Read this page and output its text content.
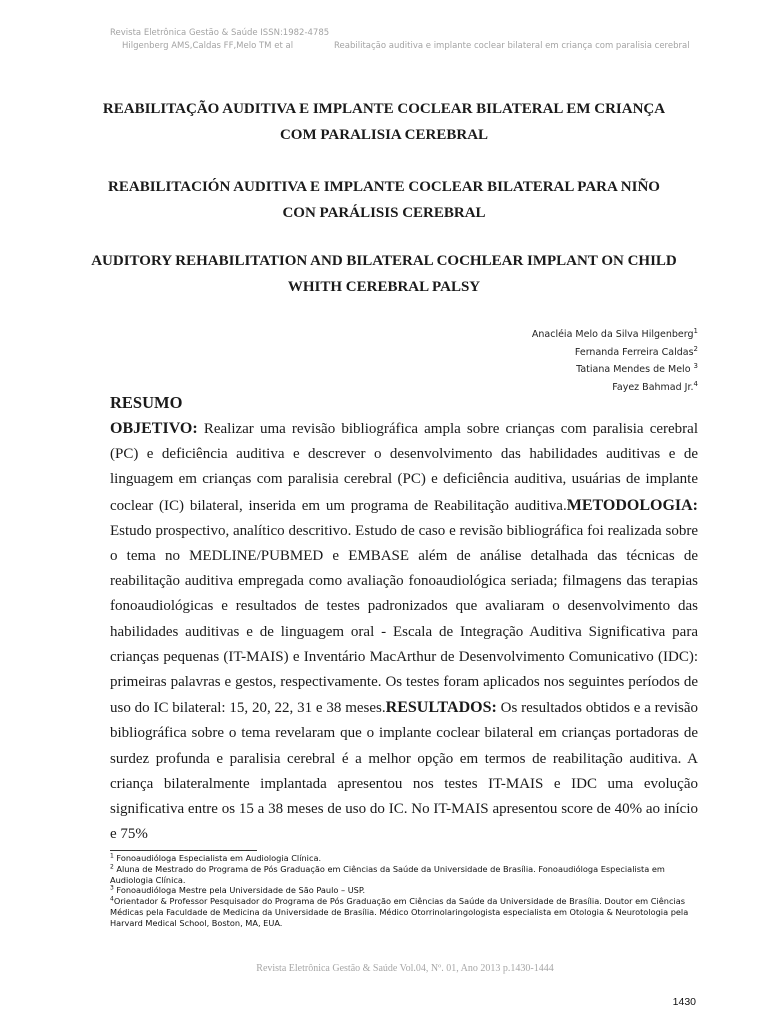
Revista Eletrônica Gestão & Saúde ISSN:1982-4785
Hilgenberg AMS,Caldas FF,Melo TM et al	Reabilitação auditiva e implante coclear bilateral em criança com paralisia cerebral
REABILITAÇÃO AUDITIVA E IMPLANTE COCLEAR BILATERAL EM CRIANÇA COM PARALISIA CEREBRAL
REABILITACIÓN AUDITIVA E IMPLANTE COCLEAR BILATERAL PARA NIÑO CON PARÁLISIS CEREBRAL
AUDITORY REHABILITATION AND BILATERAL COCHLEAR IMPLANT ON CHILD WHITH CEREBRAL PALSY
Anacléia Melo da Silva Hilgenberg$^1$
Fernanda Ferreira Caldas$^2$
Tatiana Mendes de Melo $^3$
Fayez Bahmad Jr.$^4$
RESUMO

OBJETIVO: Realizar uma revisão bibliográfica ampla sobre crianças com paralisia cerebral (PC) e deficiência auditiva e descrever o desenvolvimento das habilidades auditivas e de linguagem em crianças com paralisia cerebral (PC) e deficiência auditiva, usuárias de implante coclear (IC) bilateral, inserida em um programa de Reabilitação auditiva.METODOLOGIA: Estudo prospectivo, analítico descritivo. Estudo de caso e revisão bibliográfica foi realizada sobre o tema no MEDLINE/PUBMED e EMBASE além de análise detalhada das técnicas de reabilitação auditiva empregada como avaliação fonoaudiológica seriada; filmagens das terapias fonoaudiológicas e resultados de testes padronizados que avaliaram o desenvolvimento das habilidades auditivas e de linguagem oral - Escala de Integração Auditiva Significativa para crianças pequenas (IT-MAIS) e Inventário MacArthur de Desenvolvimento Comunicativo (IDC): primeiras palavras e gestos, respectivamente. Os testes foram aplicados nos seguintes períodos de uso do IC bilateral: 15, 20, 22, 31 e 38 meses.RESULTADOS: Os resultados obtidos e a revisão bibliográfica sobre o tema revelaram que o implante coclear bilateral em crianças portadoras de surdez profunda e paralisia cerebral é a melhor opção em termos de reabilitação auditiva. A criança bilateralmente implantada apresentou nos testes IT-MAIS e IDC uma evolução significativa entre os 15 a 38 meses de uso do IC. No IT-MAIS apresentou score de 40% ao início e 75%

$^1$ Fonoaudióloga Especialista em Audiologia Clínica.

$^2$ Aluna de Mestrado do Programa de Pós Graduação em Ciências da Saúde da Universidade de Brasília. Fonoaudióloga Especialista em Audiologia Clínica.

$^3$ Fonoaudióloga Mestre pela Universidade de São Paulo – USP.

$^4$Orientador & Professor Pesquisador do Programa de Pós Graduação em Ciências da Saúde da Universidade de Brasília. Doutor em Ciências Médicas pela Faculdade de Medicina da Universidade de Brasília. Médico Otorrinolaringologista especialista em Otologia & Neurotologia pela Harvard Medical School, Boston, MA, EUA.

Revista Eletrônica Gestão & Saúde Vol.04, Nº. 01, Ano 2013 p.1430-1444
1430
